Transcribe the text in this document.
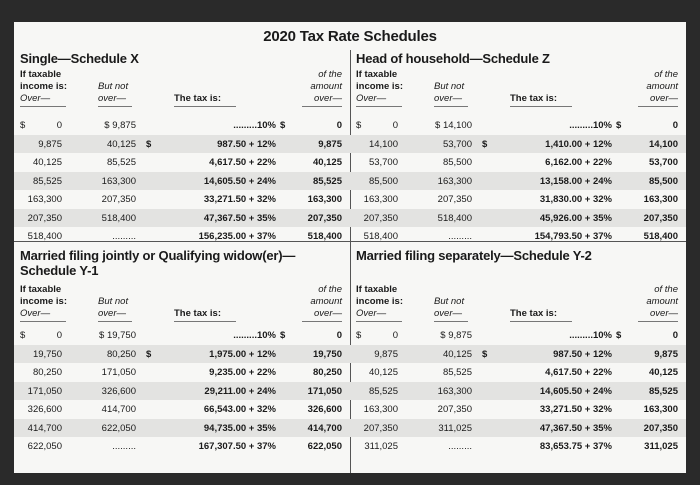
2020 Tax Rate Schedules
Single—Schedule X
If taxable
income is:
Over—
But not
over—	The tax is:
of the
amount
over—
$	0	$ 9,875	.........10% $	0
9,875	40,125 $	987.50 + 12%	9,875
40,125	85,525	4,617.50 + 22%	40,125
85,525	163,300	14,605.50 + 24%	85,525
163,300	207,350	33,271.50 + 32%	163,300
207,350	518,400	47,367.50 + 35%	207,350
518,400	.........	156,235.00 + 37%	518,400
Head of household—Schedule Z
If taxable
income is:
Over—
But not
over—	The tax is:
of the
amount
over—
$	0	$ 14,100	.........10% $	0
14,100	53,700 $	1,410.00 + 12%	14,100
53,700	85,500	6,162.00 + 22%	53,700
85,500	163,300	13,158.00 + 24%	85,500
163,300	207,350	31,830.00 + 32%	163,300
207,350	518,400	45,926.00 + 35%	207,350
518,400	.........	154,793.50 + 37%	518,400
Married filing jointly or Qualifying widow(er)—Schedule Y-1
If taxable
income is:
Over—
But not
over—	The tax is:
of the
amount
over—
$	0	$ 19,750	.........10% $	0
19,750	80,250 $	1,975.00 + 12%	19,750
80,250	171,050	9,235.00 + 22%	80,250
171,050	326,600	29,211.00 + 24%	171,050
326,600	414,700	66,543.00 + 32%	326,600
414,700	622,050	94,735.00 + 35%	414,700
622,050	.........	167,307.50 + 37%	622,050
Married filing separately—Schedule Y-2
If taxable
income is:
Over—
But not
over—	The tax is:
of the
amount
over—
$	0	$ 9,875	.........10% $	0
9,875	40,125 $	987.50 + 12%	9,875
40,125	85,525	4,617.50 + 22%	40,125
85,525	163,300	14,605.50 + 24%	85,525
163,300	207,350	33,271.50 + 32%	163,300
207,350	311,025	47,367.50 + 35%	207,350
311,025	.........	83,653.75 + 37%	311,025
